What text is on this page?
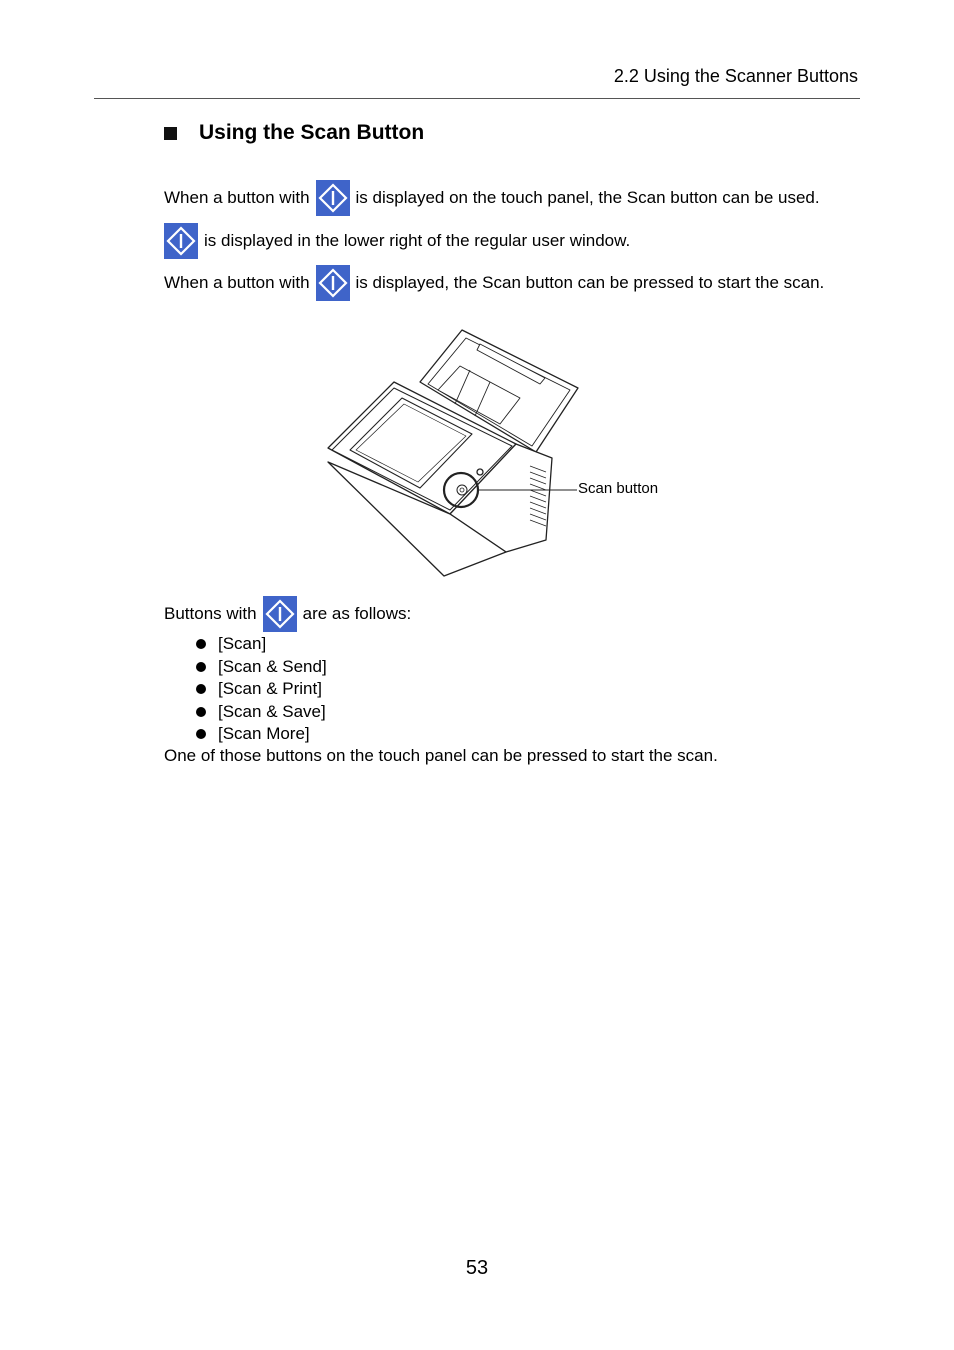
2.2 Using the Scanner Buttons
Using the Scan Button
When a button with	is displayed on the touch panel, the Scan button can be used.
is displayed in the lower right of the regular user window.
When a button with	is displayed, the Scan button can be pressed to start the scan.
Scan button
Buttons with	are as follows:
[Scan]
[Scan & Send]
[Scan & Print]
[Scan & Save]
[Scan More]
One of those buttons on the touch panel can be pressed to start the scan.
53
